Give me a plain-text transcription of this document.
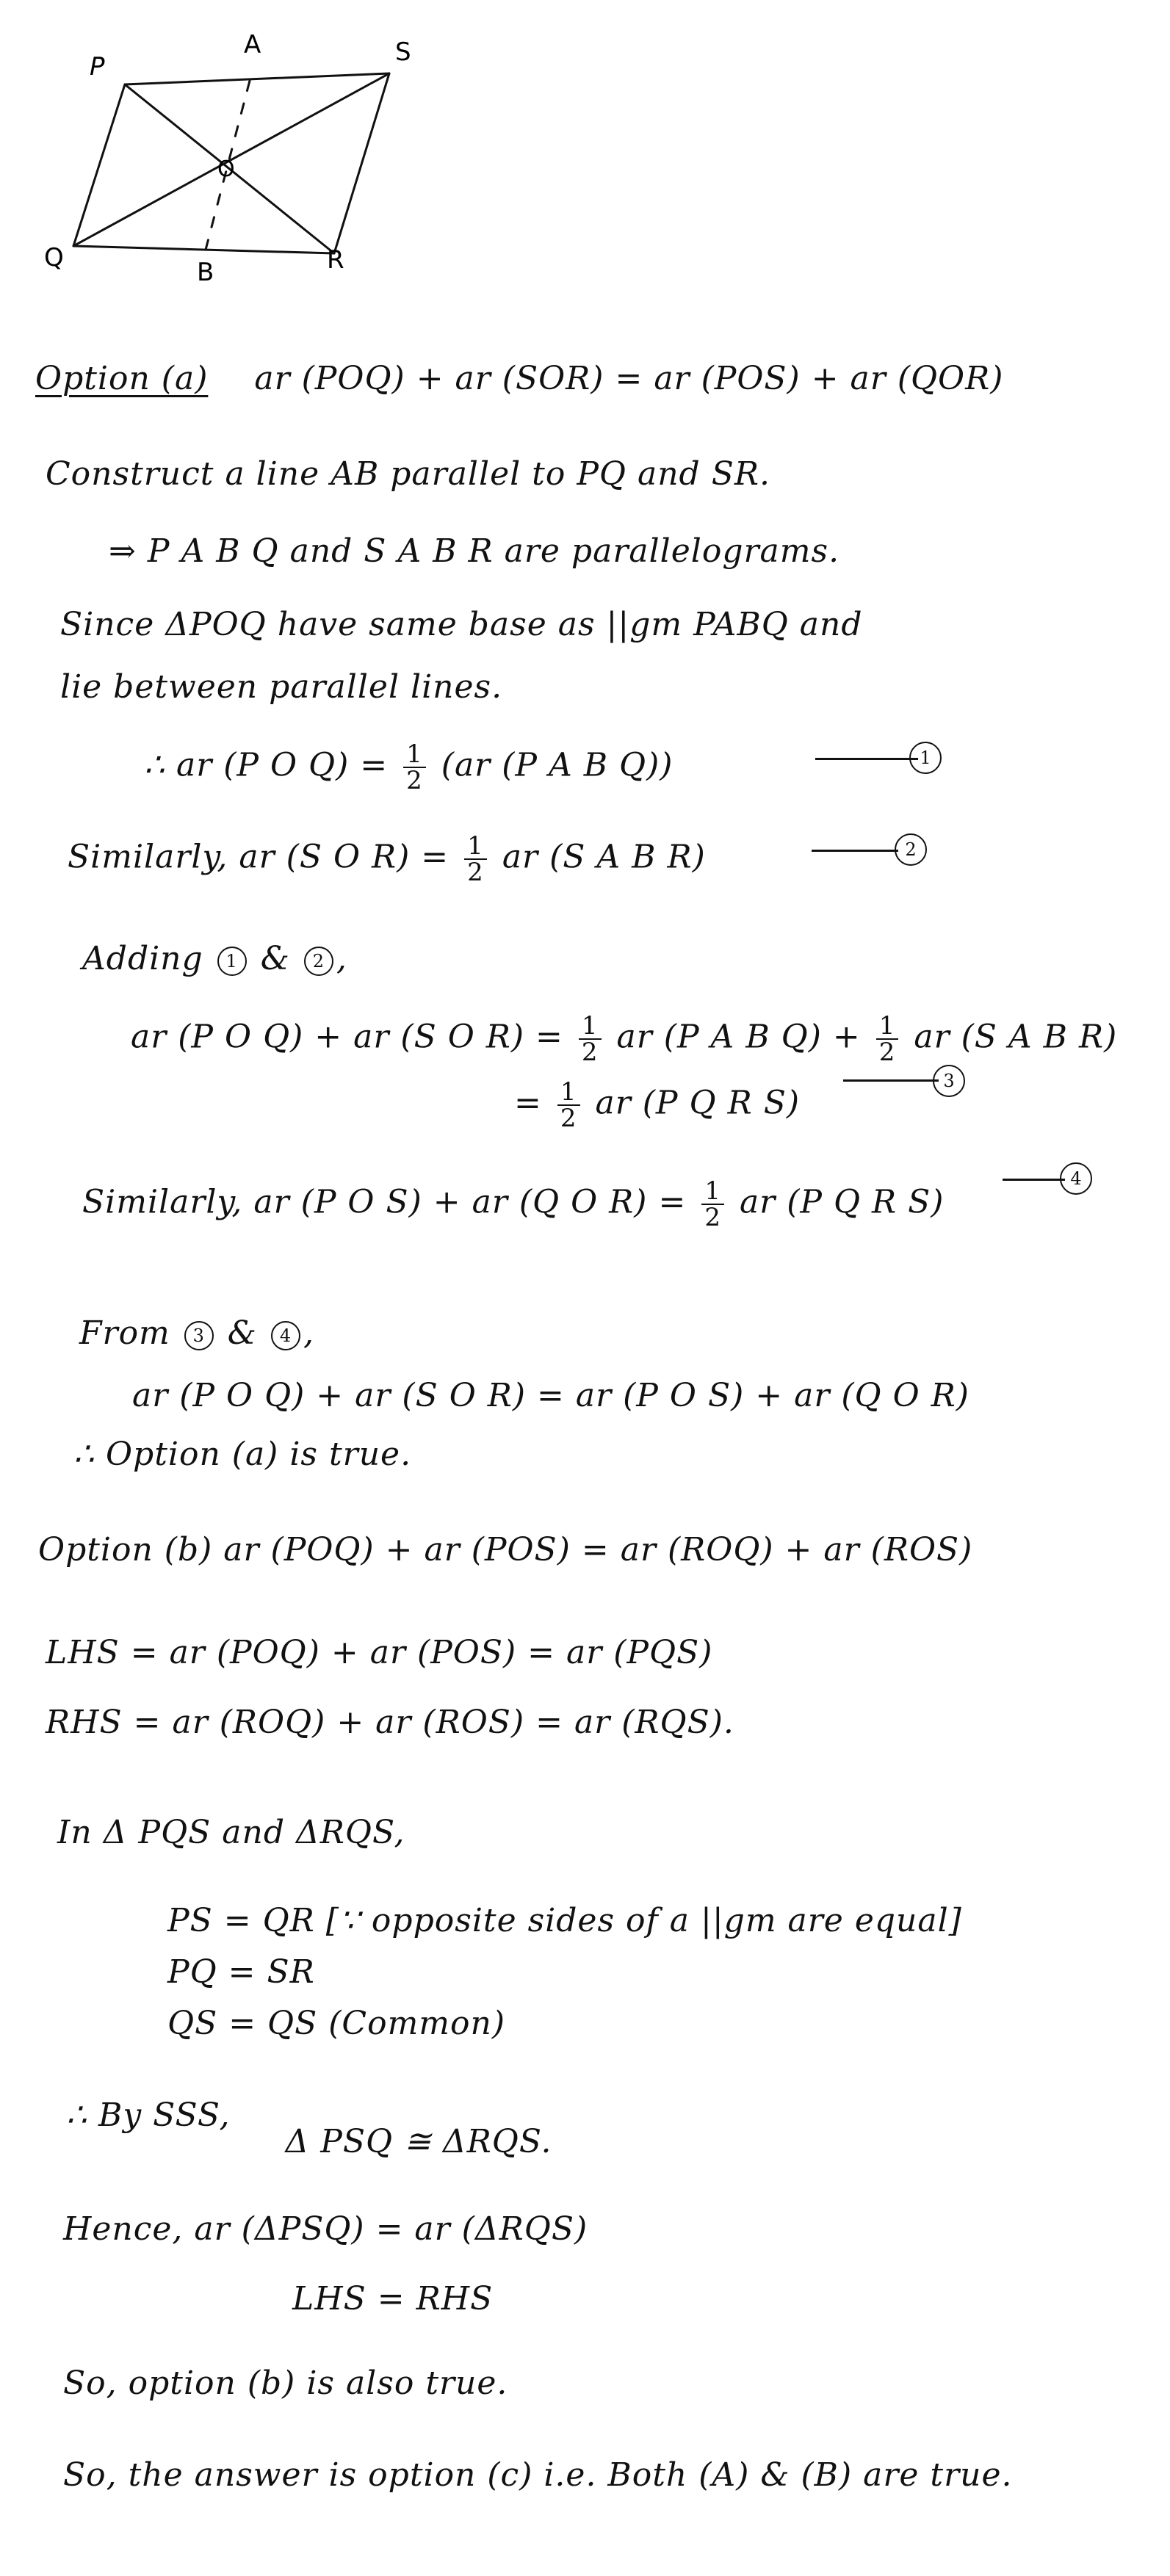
P
A	S
O
Q	B	R
Option (a) ar (POQ) + ar (SOR) = ar (POS) + ar (QOR)
Construct a line AB parallel to PQ and SR.
⇒ P A B Q and S A B R are parallelograms.
Since ΔPOQ have same base as ||gm PABQ and
lie between parallel lines.
∴ ar (P O $Q) = \frac{1}{2} (ar$ (P A B Q))	1
Similarly, ar (S O $R) = \frac{1}{2}$ ar (S A B R)	2
Adding 1 & 2 ,
ar (P O Q) + ar (S O $R) = \frac{1}{2}$ ar (P A B $Q) + \frac{1}{2}$ ar (S A B R)
= $\frac{1}{2}$ ar (P Q R S)
3
Similarly, ar (P O S) + ar (Q O $R) = \frac{1}{2}$ ar (P Q R S)
4
From 3 & 4 ,
ar (P O Q) + ar (S O R) = ar (P O S) + ar (Q O R)
∴ Option (a) is true.
Option (b) ar (POQ) + ar (POS) = ar (ROQ) + ar (ROS)
LHS = ar (POQ) + ar (POS) = ar (PQS)
RHS = ar (ROQ) + ar (ROS) = ar (RQS).
In Δ PQS and ΔRQS,
PS = QR [∵ opposite sides of a ||gm are equal]
PQ = SR
QS = QS (Common)
∴ By SSS, Δ PSQ ≅ ΔRQS.
Hence, ar (ΔPSQ) = ar (ΔRQS)
LHS = RHS
So, option (b) is also true.
So, the answer is option (c) i.e. Both (A) & (B) are true.
